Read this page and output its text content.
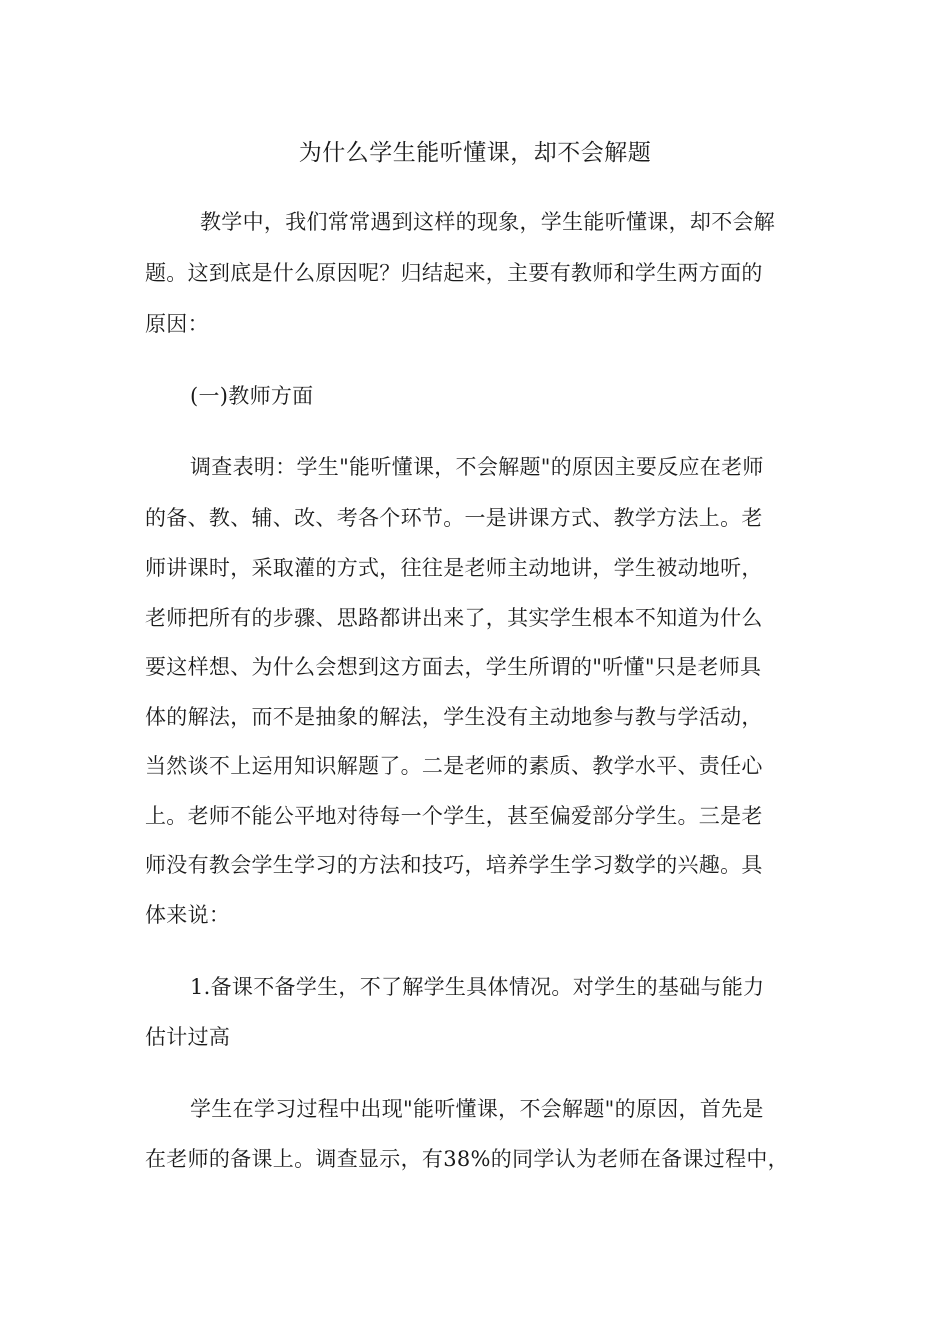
为什么学生能听懂课，却不会解题
教学中，我们常常遇到这样的现象，学生能听懂课，却不会解
题。这到底是什么原因呢？归结起来，主要有教师和学生两方面的
原因：
(一)教师方面
调查表明：学生"能听懂课，不会解题"的原因主要反应在老师
的备、教、辅、改、考各个环节。一是讲课方式、教学方法上。老
师讲课时，采取灌的方式，往往是老师主动地讲，学生被动地听，
老师把所有的步骤、思路都讲出来了，其实学生根本不知道为什么
要这样想、为什么会想到这方面去，学生所谓的"听懂"只是老师具
体的解法，而不是抽象的解法，学生没有主动地参与教与学活动，
当然谈不上运用知识解题了。二是老师的素质、教学水平、责任心
上。老师不能公平地对待每一个学生，甚至偏爱部分学生。三是老
师没有教会学生学习的方法和技巧，培养学生学习数学的兴趣。具
体来说：
1.备课不备学生，不了解学生具体情况。对学生的基础与能力
估计过高
学生在学习过程中出现"能听懂课，不会解题"的原因，首先是
在老师的备课上。调查显示，有38%的同学认为老师在备课过程中，
